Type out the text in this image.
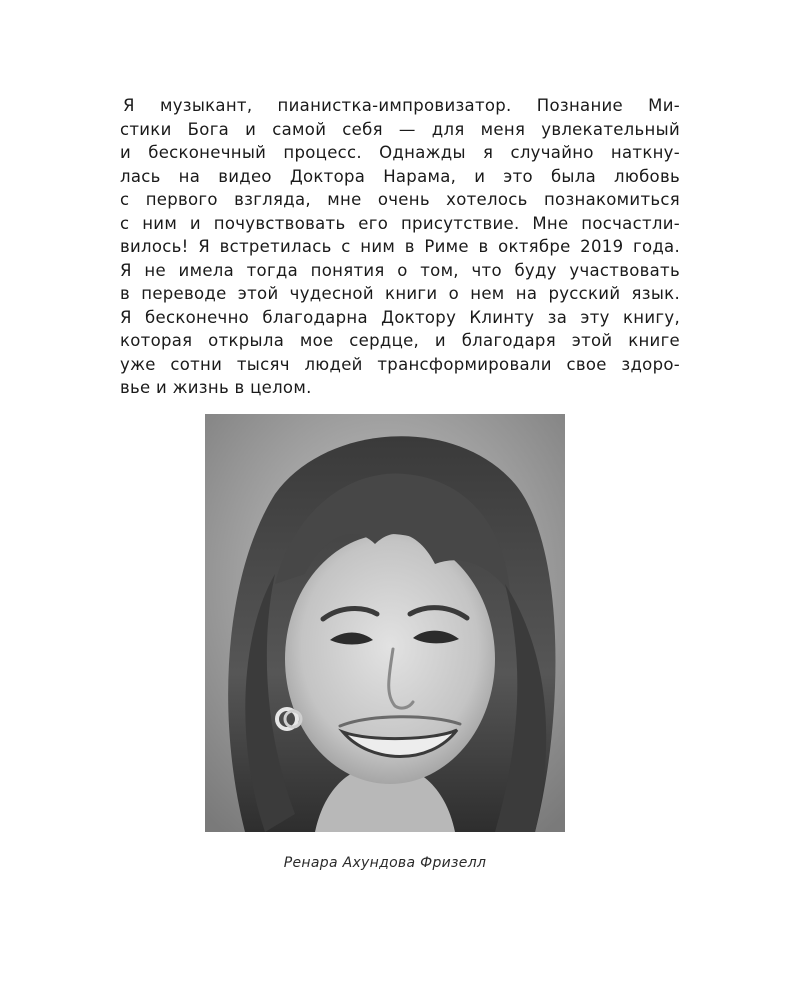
Я музыкант, пианистка-импровизатор. Познание Ми-
стики Бога и самой себя — для меня увлекательный
и бесконечный процесс. Однажды я случайно наткну-
лась на видео Доктора Нарама, и это была любовь
с первого взгляда, мне очень хотелось познакомиться
с ним и почувствовать его присутствие. Мне посчастли-
вилось! Я встретилась с ним в Риме в октябре 2019 года.
Я не имела тогда понятия о том, что буду участвовать
в переводе этой чудесной книги о нем на русский язык.
Я бесконечно благодарна Доктору Клинту за эту книгу,
которая открыла мое сердце, и благодаря этой книге
уже сотни тысяч людей трансформировали свое здоро-
вье и жизнь в целом.

Ренара Ахундова Фризелл
